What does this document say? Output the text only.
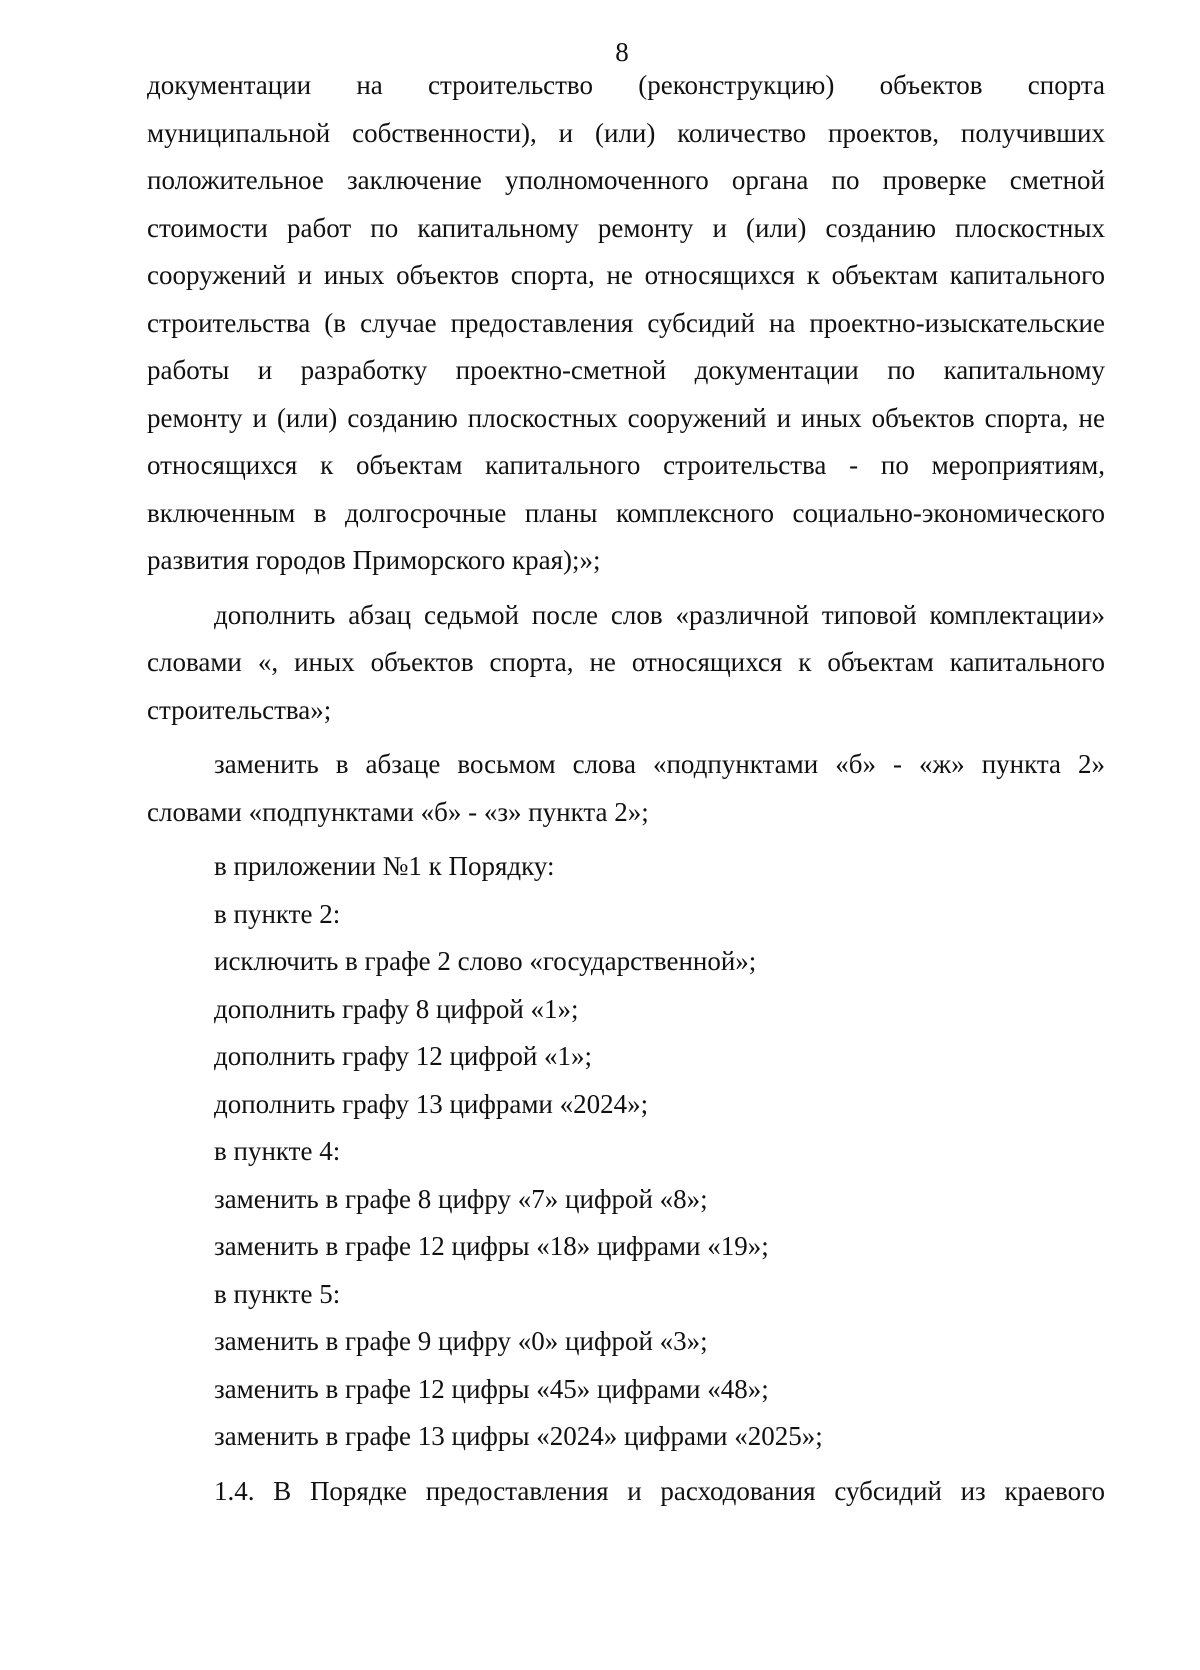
8
документации на строительство (реконструкцию) объектов спорта
муниципальной собственности), и (или) количество проектов, получивших
положительное заключение уполномоченного органа по проверке сметной
стоимости работ по капитальному ремонту и (или) созданию плоскостных
сооружений и иных объектов спорта, не относящихся к объектам капитального
строительства (в случае предоставления субсидий на проектно-изыскательские
работы и разработку проектно-сметной документации по капитальному
ремонту и (или) созданию плоскостных сооружений и иных объектов спорта, не
относящихся к объектам капитального строительства - по мероприятиям,
включенным в долгосрочные планы комплексного социально-экономического
развития городов Приморского края);»;
дополнить абзац седьмой после слов «различной типовой комплектации»
словами «, иных объектов спорта, не относящихся к объектам капитального
строительства»;
заменить в абзаце восьмом слова «подпунктами «б» - «ж» пункта 2»
словами «подпунктами «б» - «з» пункта 2»;
в приложении №1 к Порядку:
в пункте 2:
исключить в графе 2 слово «государственной»;
дополнить графу 8 цифрой «1»;
дополнить графу 12 цифрой «1»;
дополнить графу 13 цифрами «2024»;
в пункте 4:
заменить в графе 8 цифру «7» цифрой «8»;
заменить в графе 12 цифры «18» цифрами «19»;
в пункте 5:
заменить в графе 9 цифру «0» цифрой «3»;
заменить в графе 12 цифры «45» цифрами «48»;
заменить в графе 13 цифры «2024» цифрами «2025»;
1.4. В Порядке предоставления и расходования субсидий из краевого
